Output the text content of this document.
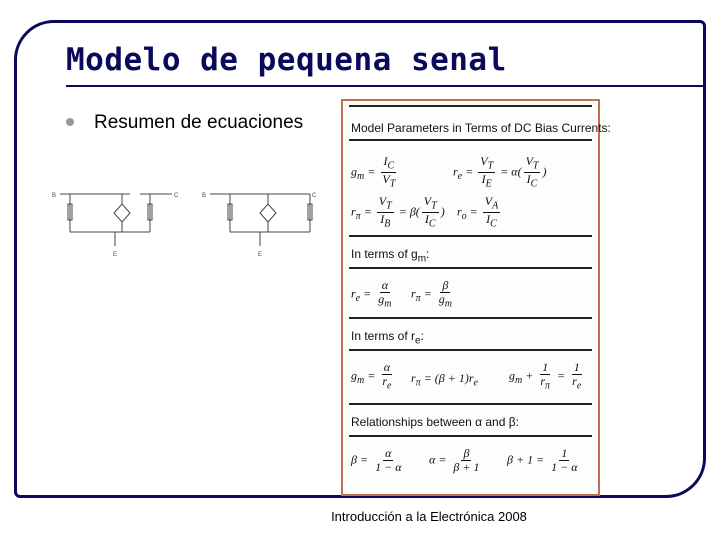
Modelo de pequena senal
Resumen de ecuaciones
C
E
C
B
E
B
Model Parameters in Terms of DC Bias Currents:
$g_m = \frac{I_C}{V_T}$	$r_e = \frac{V_T}{I_E} = \alpha( \frac{V_T}{I_C}$ )
$r_\pi = \frac{V_T}{I_B} = \beta( \frac{V_T}{I_C}$ ) $r_o = \frac{V_A}{I_C}$
In terms of $g_m$:
$r_e = \frac{\alpha}{g_m} r_\pi = \frac{\beta}{g_m}$
In terms of $r_e$:
$g_m = \frac{\alpha}{r_e} r_\pi = (\beta + 1)r_e$
$g_m + \frac{1}{r_\pi} = \frac{1}{r_e}$
Relationships between α and β:
$\beta = \frac{\alpha}{1 - \alpha}$ $\alpha = \frac{\beta}{\beta + 1}$ $\beta + 1 = \frac{1}{1 - \alpha}$
Introducción a la Electrónica 2008
